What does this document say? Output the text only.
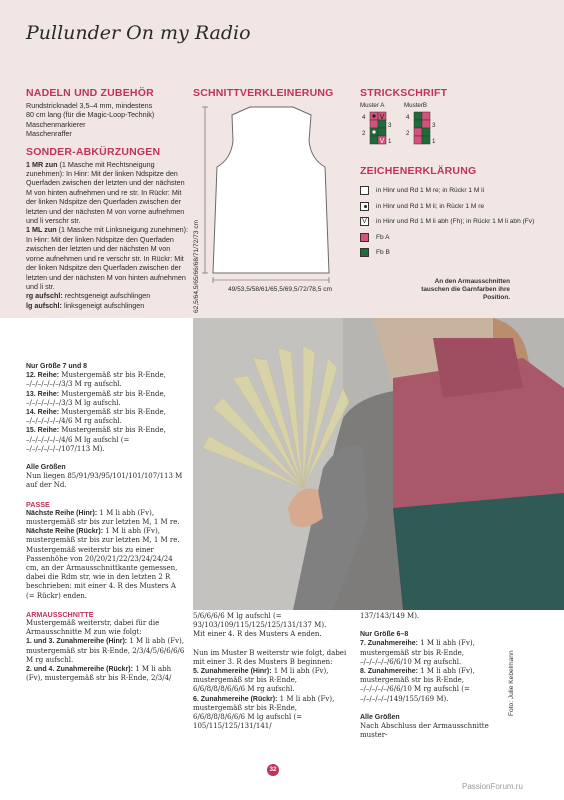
Pullunder On my Radio

NADELN UND ZUBEHÖR

Rundstricknadel 3,5–4 mm, mindestens

80 cm lang (für die Magic-Loop-Technik)

Maschenmarkierer

Maschenraffer

SONDER-ABKÜRZUNGEN

1 MR zun (1 Masche mit Rechtsneigung zunehmen): In Hinr: Mit der linken Ndspitze den Querfaden zwischen der letzten und der nächsten M von hinten aufnehmen und re str. In Rückr: Mit der linken Ndspitze den Querfaden zwischen der letzten und der nächsten M von vorne aufnehmen und li verschr str.

1 ML zun (1 Masche mit Linksneigung zunehmen): In Hinr: Mit der linken Ndspitze den Querfaden zwischen der letzten und der nächsten M von vorne aufnehmen und re verschr str. In Rückr: Mit der linken Ndspitze den Querfaden zwischen der letzten und der nächsten M von hinten aufnehmen und li str.

rg aufschl: rechtsgeneigt aufschlingen

lg aufschl: linksgeneigt aufschlingen

SCHNITTVERKLEINERUNG

62,5/64,5/65/66/68/71/72/73 cm	49/53,5/58/61/65,5/69,5/72/78,5 cm

STRICKSCHRIFT

Muster A	MusterB
V
V
4
3
2
1
4
3
2
1

ZEICHENERKLÄRUNG

in Hinr und Rd 1 M re; in Rückr 1 M li
in Hinr und Rd 1 M li; in Rückr 1 M re
V	in Hinr und Rd 1 M li abh (Fh); in Rückr 1 M li abh (Fv)
Fb A
Fb B
An den Armausschnitten tauschen die Garnfarben ihre Position.

Nur Größe 7 und 8

12. Reihe: Mustergemäß str bis R-Ende, –/–/–/–/–/–/3/3 M rg aufschl.
13. Reihe: Mustergemäß str bis R-Ende, –/–/–/–/–/–/3/3 M lg aufschl.
14. Reihe: Mustergemäß str bis R-Ende, –/–/–/–/–/–/4/6 M rg aufschl.
15. Reihe: Mustergemäß str bis R-Ende, –/–/–/–/–/–/4/6 M lg aufschl (= –/–/–/–/–/–/107/113 M).

Alle Größen

Nun liegen 85/91/93/95/101/101/107/113 M auf der Nd.

PASSE

Nächste Reihe (Hinr): 1 M li abh (Fv), mustergemäß str bis zur letzten M, 1 M re.
Nächste Reihe (Rückr): 1 M li abh (Fv), mustergemäß str bis zur letzten M, 1 M re.
Mustergemäß weiterstr bis zu einer Passenhöhe von 20/20/21/22/23/24/24/24 cm, an der Armausschnittkante gemessen, dabei die Rdm str, wie in den letzten 2 R beschrieben: mit einer 4. R des Musters A (= Rückr) enden.

ARMAUSSCHNITTE

Mustergemäß weiterstr, dabei für die Armausschnitte M zun wie folgt:
1. und 3. Zunahmereihe (Hinr): 1 M li abh (Fv), mustergemäß str bis R-Ende, 2/3/4/5/6/6/6/6 M rg aufschl.
2. und 4. Zunahmereihe (Rückr): 1 M li abh (Fv), mustergemäß str bis R-Ende, 2/3/4/
5/6/6/6/6 M lg aufschl (= 93/103/109/115/125/125/131/137 M).
Mit einer 4. R des Musters A enden.
Nun im Muster B weiterstr wie folgt, dabei mit einer 3. R des Musters B beginnen:
5. Zunahmereihe (Hinr): 1 M li abh (Fv), mustergemäß str bis R-Ende, 6/6/8/8/8/6/6/6 M rg aufschl.
6. Zunahmereihe (Rückr): 1 M li abh (Fv), mustergemäß str bis R-Ende, 6/6/8/8/8/6/6/6 M lg aufschl (= 105/115/125/131/141/
137/143/149 M).

Nur Größe 6–8

7. Zunahmereihe: 1 M li abh (Fv), mustergemäß str bis R-Ende, –/–/–/–/–/6/6/10 M rg aufschl.
8. Zunahmereihe: 1 M li abh (Fv), mustergemäß str bis R-Ende, –/–/–/–/–/6/6/10 M rg aufschl (= –/–/–/–/–/149/155/169 M).

Alle Größen

Nach Abschluss der Armausschnitte muster-
Foto: Julie Kebelmann
32
PassionForum.ru
